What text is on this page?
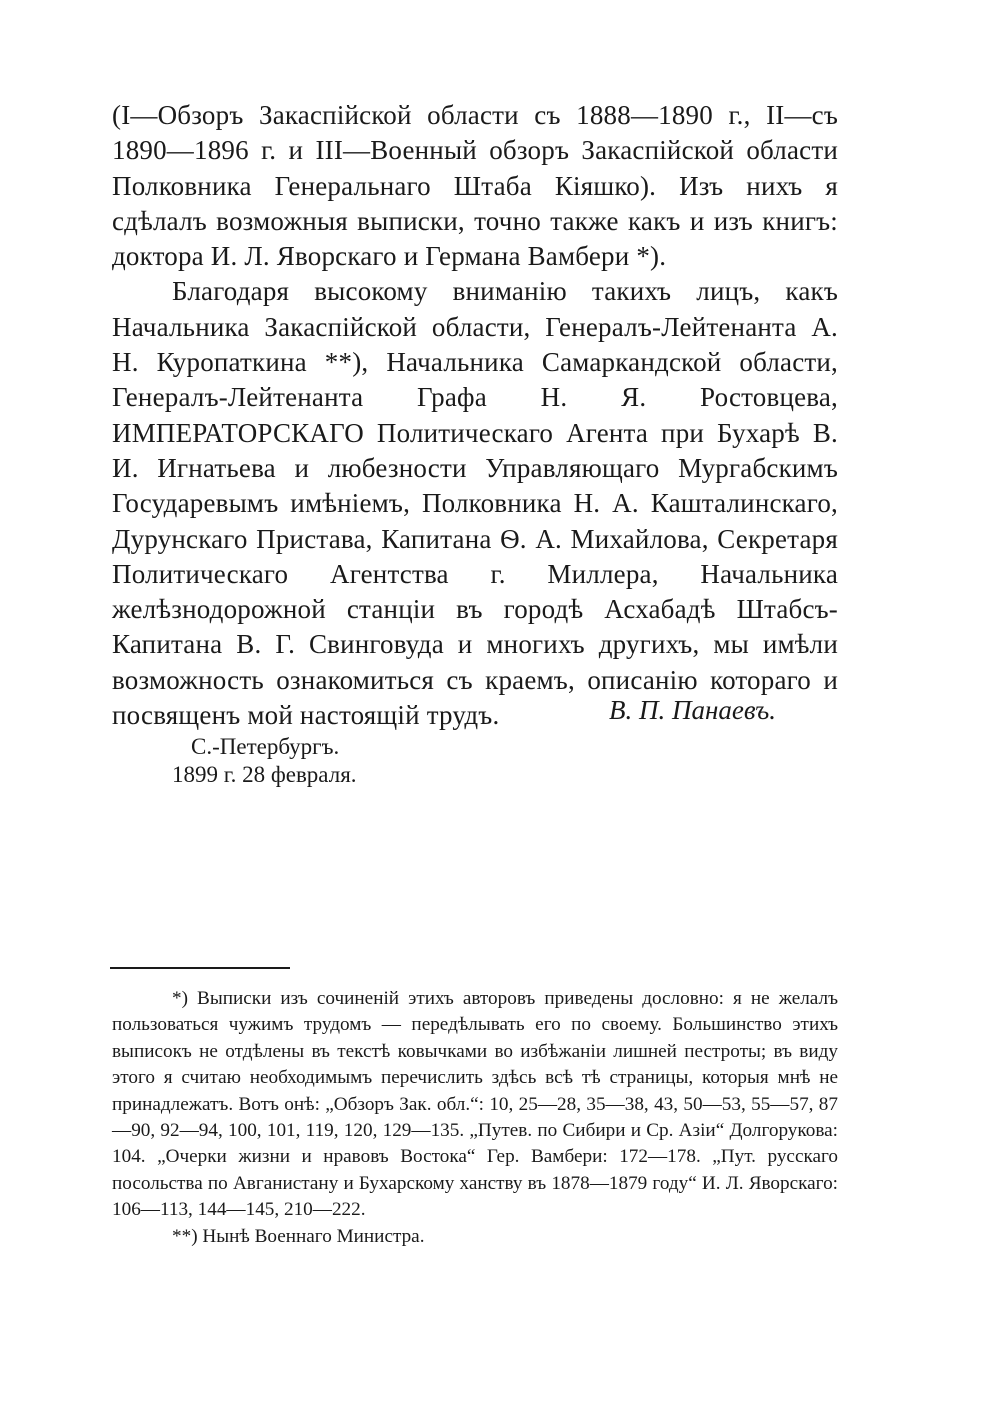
(I—Обзоръ Закаспійской области съ 1888—1890 г., II—съ 1890—1896 г. и III—Военный обзоръ Закаспійской области Полковника Генеральнаго Штаба Кіяшко). Изъ нихъ я сдѣлалъ возможныя выписки, точно также какъ и изъ книгъ: доктора И. Л. Яворскаго и Германа Вамбери *).

Благодаря высокому вниманію такихъ лицъ, какъ Начальника Закаспійской области, Генералъ-Лейтенанта А. Н. Куропаткина **), Начальника Самаркандской области, Генералъ-Лейтенанта Графа Н. Я. Ростовцева, ИМПЕРАТОРСКАГО Политическаго Агента при Бухарѣ В. И. Игнатьева и любезности Управляющаго Мургабскимъ Государевымъ имѣніемъ, Полковника Н. А. Кашталинскаго, Дурунскаго Пристава, Капитана Ѳ. А. Михайлова, Секретаря Политическаго Агентства г. Миллера, Начальника желѣзнодорожной станціи въ городѣ Асхабадѣ Штабсъ-Капитана В. Г. Свинговуда и многихъ другихъ, мы имѣли возможность ознакомиться съ краемъ, описанію котораго и посвященъ мой настоящій трудъ.	В. П. Панаевъ.
С.-Петербургъ.
1899 г. 28 февраля.

*) Выписки изъ сочиненій этихъ авторовъ приведены дословно: я не желалъ пользоваться чужимъ трудомъ — передѣлывать его по своему. Большинство этихъ выписокъ не отдѣлены въ текстѣ ковычками во избѣжаніи лишней пестроты; въ виду этого я считаю необходимымъ перечислить здѣсь всѣ тѣ страницы, которыя мнѣ не принадлежатъ. Вотъ онѣ: „Обзоръ Зак. обл.“: 10, 25—28, 35—38, 43, 50—53, 55—57, 87—90, 92—94, 100, 101, 119, 120, 129—135. „Путев. по Сибири и Ср. Азіи“ Долгорукова: 104. „Очерки жизни и нравовъ Востока“ Гер. Вамбери: 172—178. „Пут. русскаго посольства по Авганистану и Бухарскому ханству въ 1878—1879 году“ И. Л. Яворскаго: 106—113, 144—145, 210—222.

**) Нынѣ Военнаго Министра.
